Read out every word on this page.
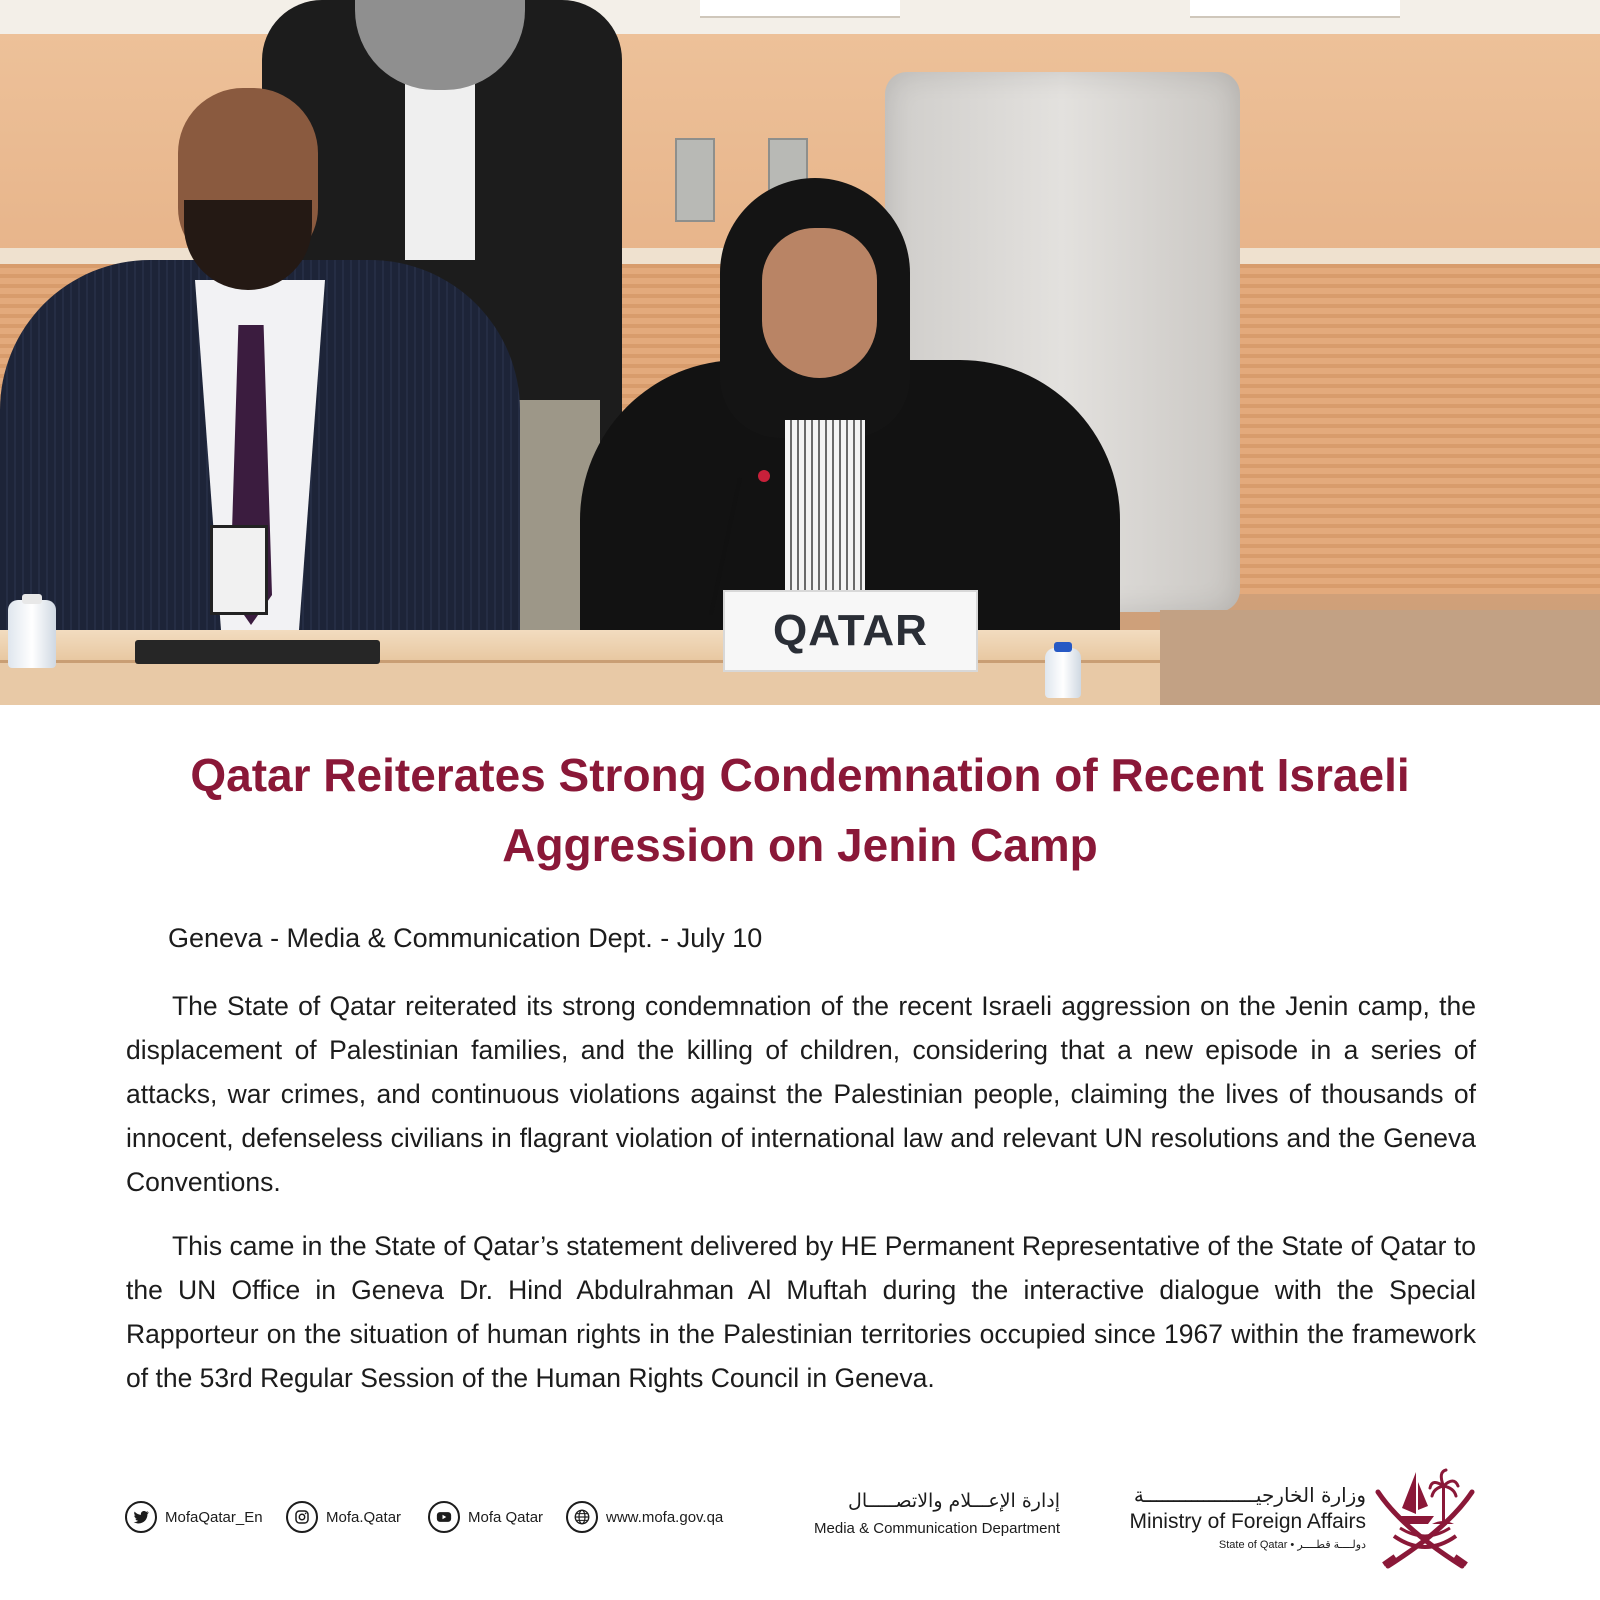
QATAR
Qatar Reiterates Strong Condemnation of Recent Israeli
Aggression on Jenin Camp
Geneva - Media & Communication Dept. - July 10

The State of Qatar reiterated its strong condemnation of the recent Israeli aggression on the Jenin camp, the displacement of Palestinian families, and the killing of children, considering that a new episode in a series of attacks, war crimes, and continuous violations against the Palestinian people, claiming the lives of thousands of innocent, defenseless civilians in flagrant violation of international law and relevant UN resolutions and the Geneva Conventions.

This came in the State of Qatar’s statement delivered by HE Permanent Representative of the State of Qatar to the UN Office in Geneva Dr. Hind Abdulrahman Al Muftah during the interactive dialogue with the Special Rapporteur on the situation of human rights in the Palestinian territories occupied since 1967 within the framework of the 53rd Regular Session of the Human Rights Council in Geneva.

MofaQatar_En	Mofa.Qatar	Mofa Qatar	www.mofa.gov.qa
إدارة الإعـــلام والاتصـــــال
Media & Communication Department
وزارة الخارجيـــــــــــــــــــة
Ministry of Foreign Affairs
State of Qatar • دولــــة قطــــر
